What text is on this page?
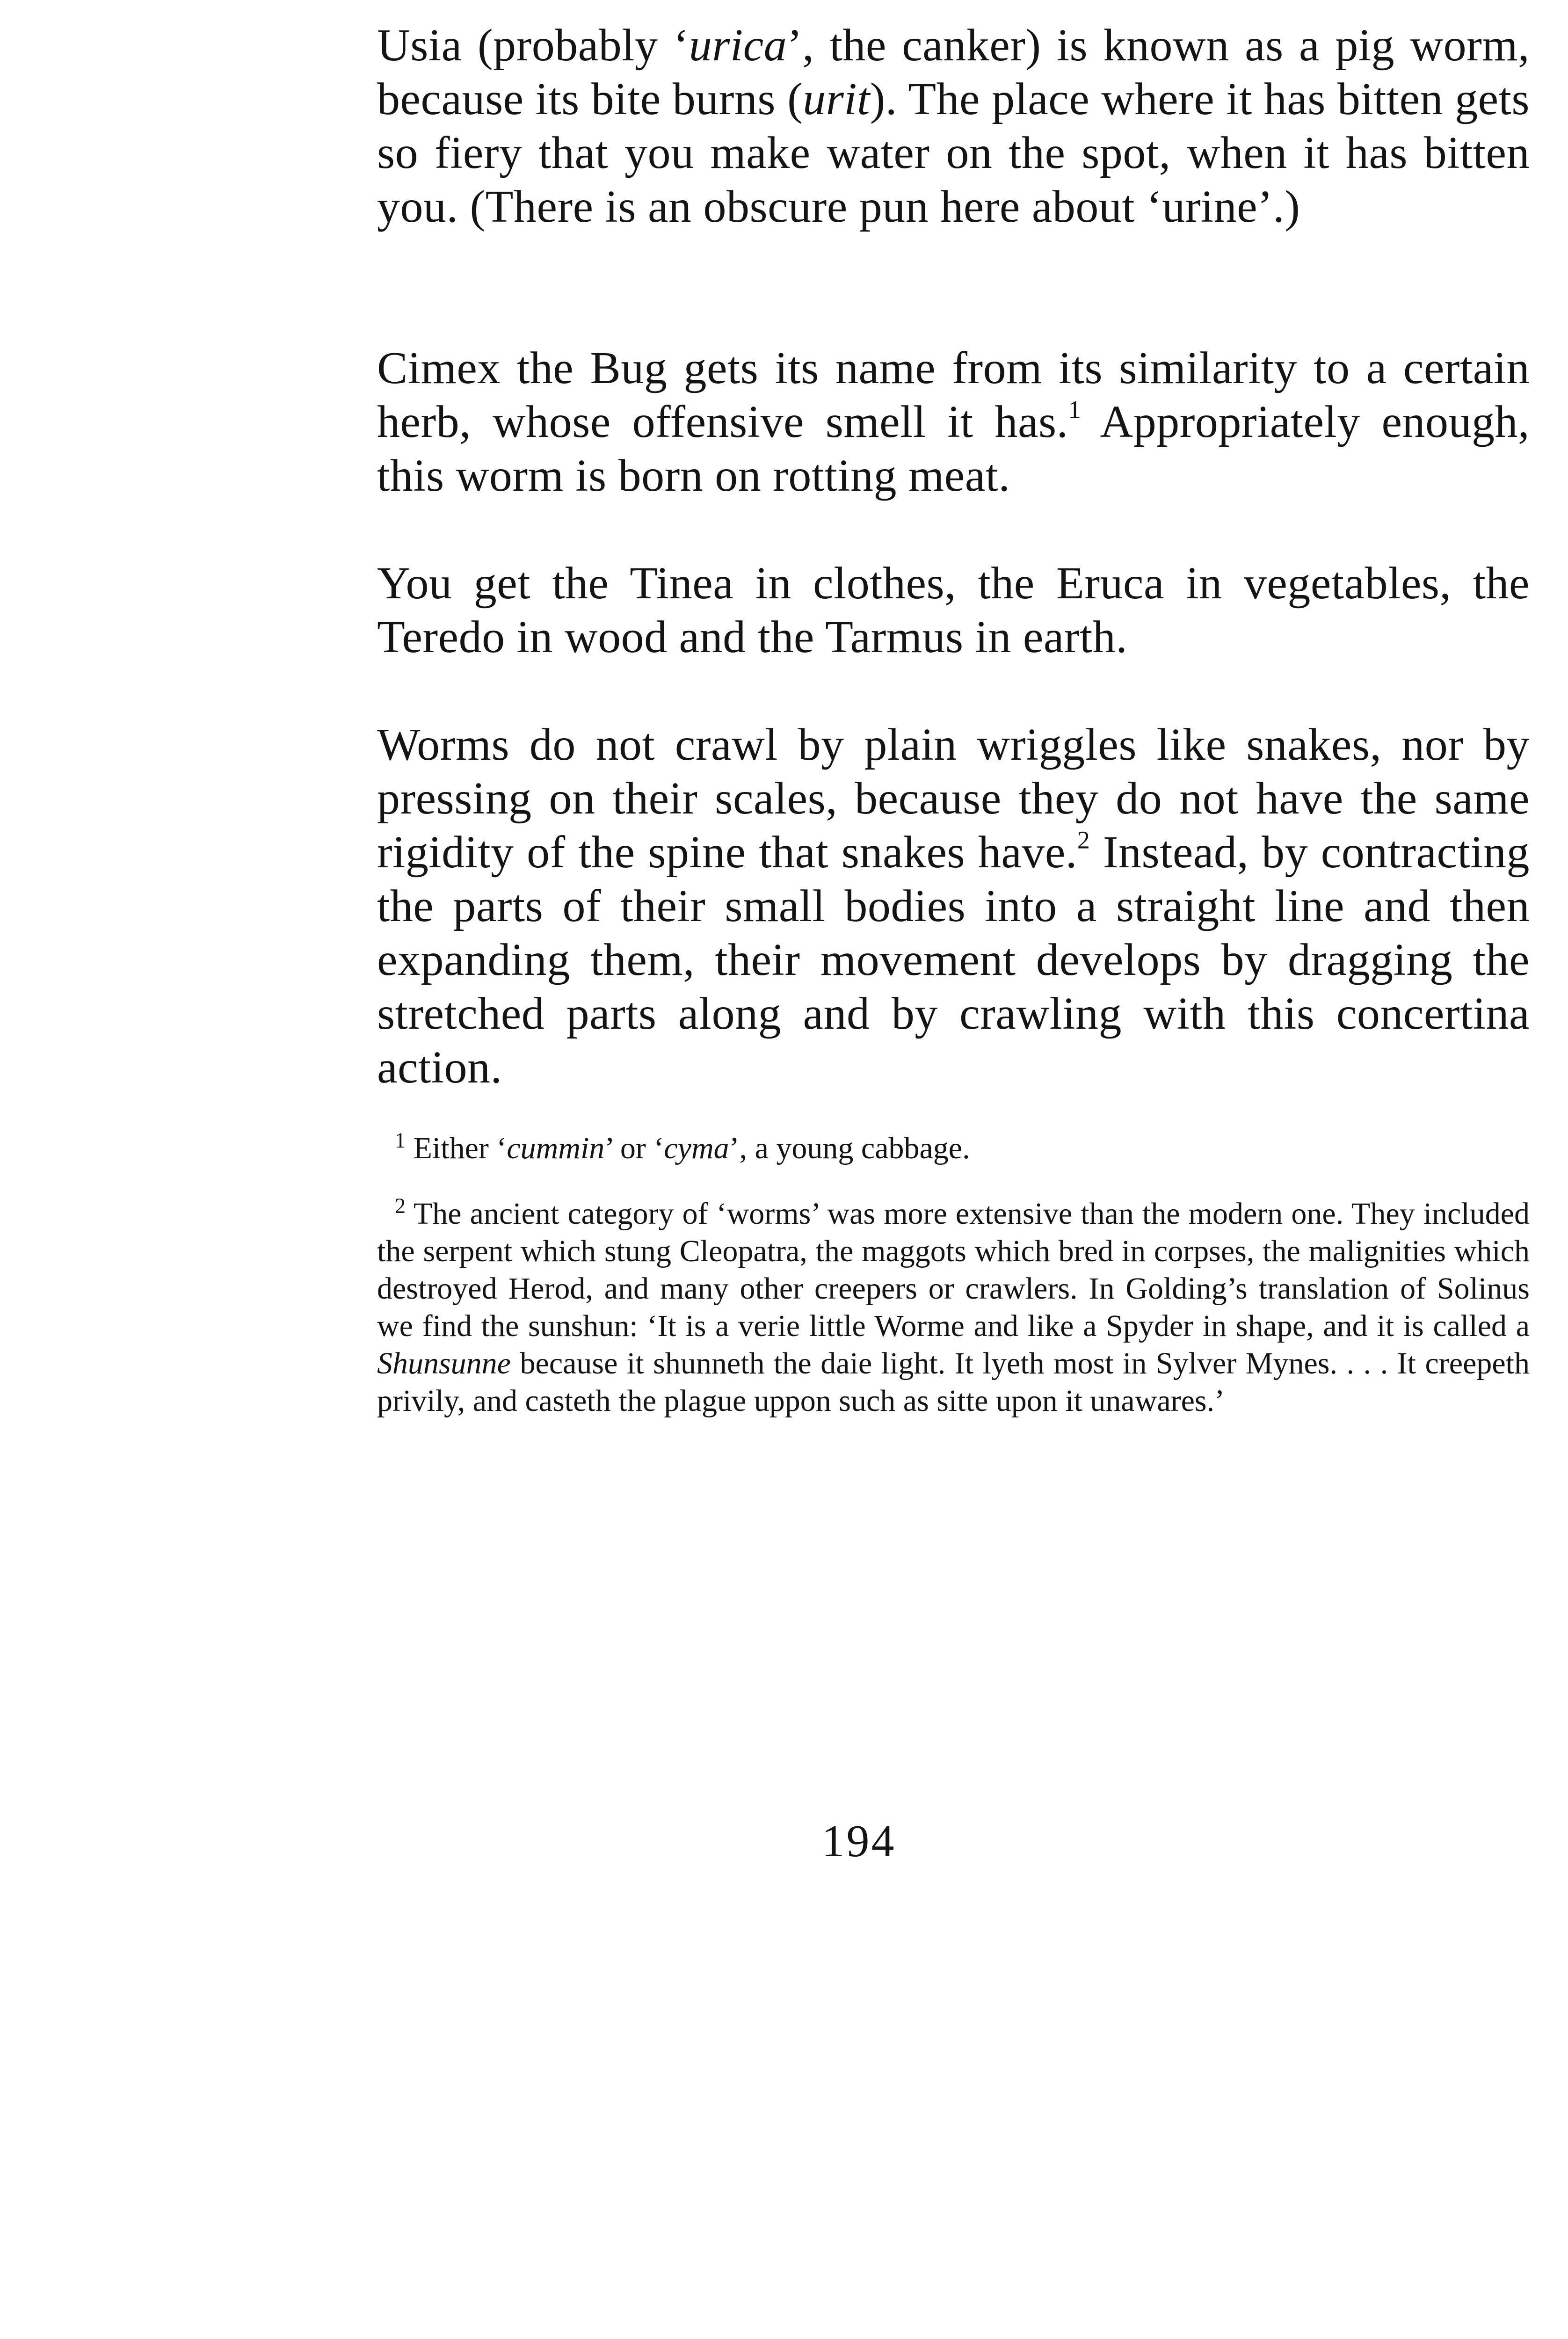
Usia (probably ‘urica’, the canker) is known as a pig worm, because its bite burns (urit). The place where it has bitten gets so fiery that you make water on the spot, when it has bitten you. (There is an obscure pun here about ‘urine’.)

Cimex the Bug gets its name from its similarity to a certain herb, whose offensive smell it has.$^1$ Appropriately enough, this worm is born on rotting meat.

You get the Tinea in clothes, the Eruca in vegetables, the Teredo in wood and the Tarmus in earth.

Worms do not crawl by plain wriggles like snakes, nor by pressing on their scales, because they do not have the same rigidity of the spine that snakes have.$^2$ Instead, by contracting the parts of their small bodies into a straight line and then expanding them, their movement develops by dragging the stretched parts along and by crawling with this concertina action.

$^1$ Either ‘cummin’ or ‘cyma’, a young cabbage.

$^2$ The ancient category of ‘worms’ was more extensive than the modern one. They included the serpent which stung Cleopatra, the maggots which bred in corpses, the malignities which destroyed Herod, and many other creepers or crawlers. In Golding’s translation of Solinus we find the sunshun: ‘It is a verie little Worme and like a Spyder in shape, and it is called a Shunsunne because it shunneth the daie light. It lyeth most in Sylver Mynes. . . . It creepeth privily, and casteth the plague uppon such as sitte upon it unawares.’

194
